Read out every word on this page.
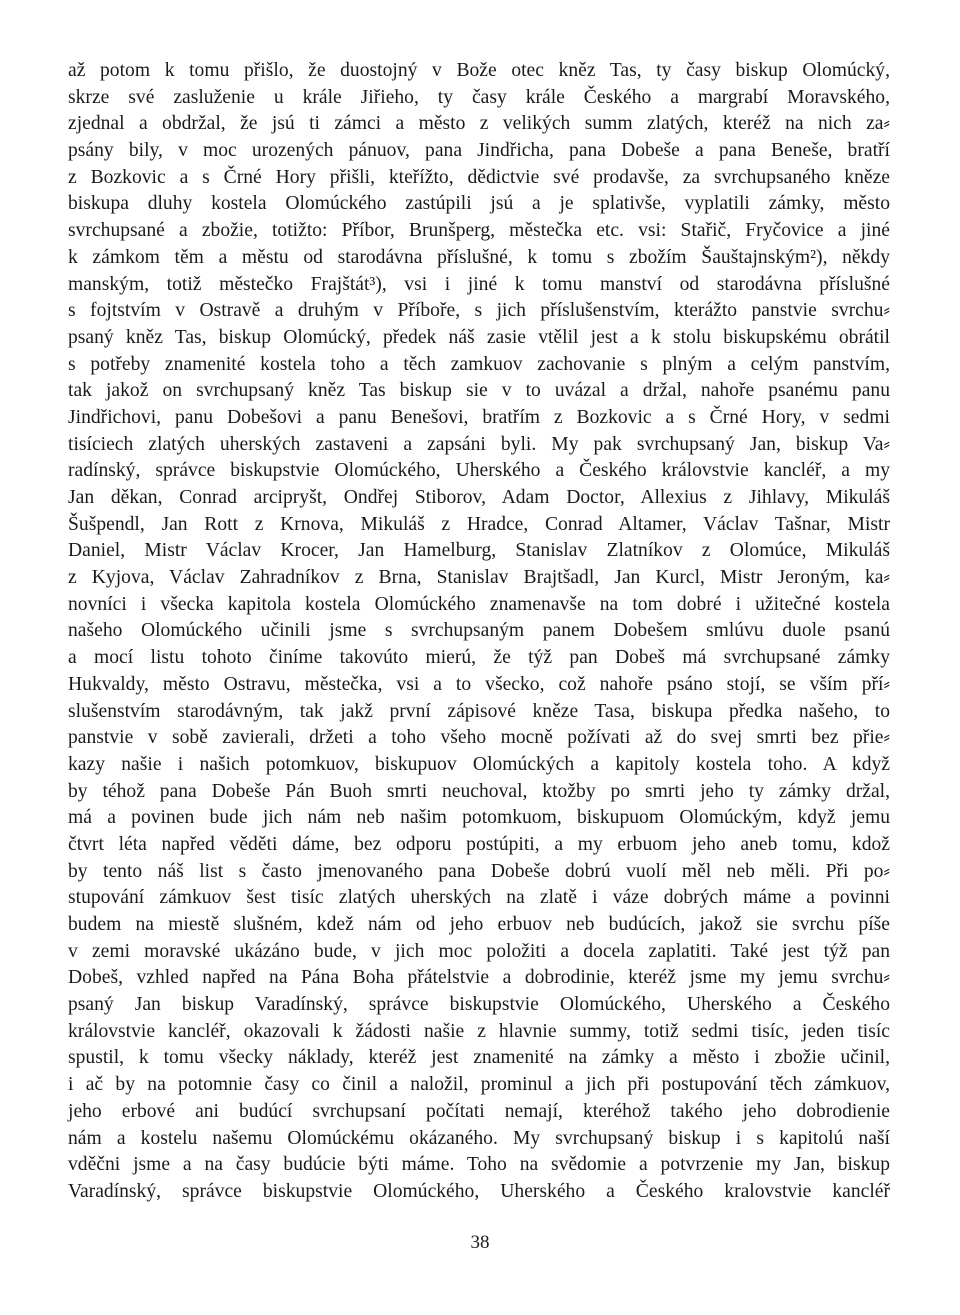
až potom k tomu přišlo, že duostojný v Bože otec kněz Tas, ty časy biskup Olomúcký,
skrze své zasluženie u krále Jiřieho, ty časy krále Českého a margrabí Moravského,
zjednal a obdržal, že jsú ti zámci a město z velikých summ zlatých, kteréž na nich za⸗
psány bily, v moc urozených pánuov, pana Jindřicha, pana Dobeše a pana Beneše, bratří
z Bozkovic a s Črné Hory přišli, kteřížto, dědictvie své prodavše, za svrchupsaného kněze
biskupa dluhy kostela Olomúckého zastúpili jsú a je splativše, vyplatili zámky, město
svrchupsané a zbožie, totižto: Příbor, Brunšperg, městečka etc. vsi: Stařič, Fryčovice a jiné
k zámkom těm a městu od starodávna příslušné, k tomu s zbožím Šauštajnským²), někdy
manským, totiž městečko Frajštát³), vsi i jiné k tomu manství od starodávna příslušné
s fojtstvím v Ostravě a druhým v Příboře, s jich příslušenstvím, kterážto panstvie svrchu⸗
psaný kněz Tas, biskup Olomúcký, předek náš zasie vtělil jest a k stolu biskupskému obrátil
s potřeby znamenité kostela toho a těch zamkuov zachovanie s plným a celým panstvím,
tak jakož on svrchupsaný kněz Tas biskup sie v to uvázal a držal, nahoře psanému panu
Jindřichovi, panu Dobešovi a panu Benešovi, bratřím z Bozkovic a s Črné Hory, v sedmi
tisíciech zlatých uherských zastaveni a zapsáni byli. My pak svrchupsaný Jan, biskup Va⸗
radínský, správce biskupstvie Olomúckého, Uherského a Českého královstvie kancléř, a my
Jan děkan, Conrad arcipryšt, Ondřej Stiborov, Adam Doctor, Allexius z Jihlavy, Mikuláš
Šušpendl, Jan Rott z Krnova, Mikuláš z Hradce, Conrad Altamer, Václav Tašnar, Mistr
Daniel, Mistr Václav Krocer, Jan Hamelburg, Stanislav Zlatníkov z Olomúce, Mikuláš
z Kyjova, Václav Zahradníkov z Brna, Stanislav Brajtšadl, Jan Kurcl, Mistr Jeroným, ka⸗
novníci i všecka kapitola kostela Olomúckého znamenavše na tom dobré i užitečné kostela
našeho Olomúckého učinili jsme s svrchupsaným panem Dobešem smlúvu duole psanú
a mocí listu tohoto činíme takovúto mierú, že týž pan Dobeš má svrchupsané zámky
Hukvaldy, město Ostravu, městečka, vsi a to všecko, což nahoře psáno stojí, se vším pří⸗
slušenstvím starodávným, tak jakž první zápisové kněze Tasa, biskupa předka našeho, to
panstvie v sobě zavierali, držeti a toho všeho mocně požívati až do svej smrti bez přie⸗
kazy našie i našich potomkuov, biskupuov Olomúckých a kapitoly kostela toho. A když
by téhož pana Dobeše Pán Buoh smrti neuchoval, ktožby po smrti jeho ty zámky držal,
má a povinen bude jich nám neb našim potomkuom, biskupuom Olomúckým, když jemu
čtvrt léta napřed věděti dáme, bez odporu postúpiti, a my erbuom jeho aneb tomu, kdož
by tento náš list s často jmenovaného pana Dobeše dobrú vuolí měl neb měli. Při po⸗
stupování zámkuov šest tisíc zlatých uherských na zlatě i váze dobrých máme a povinni
budem na miestě slušném, kdež nám od jeho erbuov neb budúcích, jakož sie svrchu píše
v zemi moravské ukázáno bude, v jich moc položiti a docela zaplatiti. Také jest týž pan
Dobeš, vzhled napřed na Pána Boha přátelstvie a dobrodinie, kteréž jsme my jemu svrchu⸗
psaný Jan biskup Varadínský, správce biskupstvie Olomúckého, Uherského a Českého
královstvie kancléř, okazovali k žádosti našie z hlavnie summy, totiž sedmi tisíc, jeden tisíc
spustil, k tomu všecky náklady, kteréž jest znamenité na zámky a město i zbožie učinil,
i ač by na potomnie časy co činil a naložil, prominul a jich při postupování těch zámkuov,
jeho erbové ani budúcí svrchupsaní počítati nemají, kteréhož takého jeho dobrodienie
nám a kostelu našemu Olomúckému okázaného. My svrchupsaný biskup i s kapitolú naší
vděčni jsme a na časy budúcie býti máme. Toho na svědomie a potvrzenie my Jan, biskup
Varadínský, správce biskupstvie Olomúckého, Uherského a Českého kralovstvie kancléř
38
